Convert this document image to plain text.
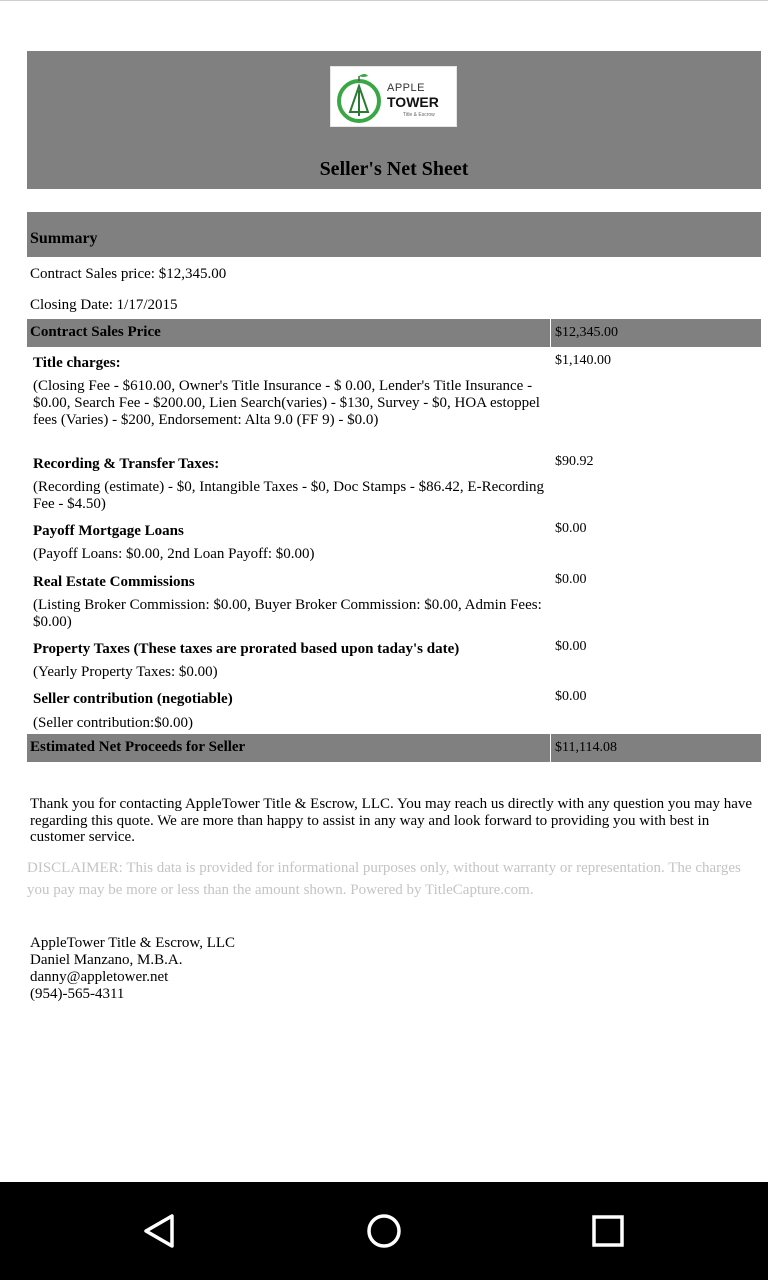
APPLE
TOWER
Title & Escrow
Seller's Net Sheet
Summary
Contract Sales price: $12,345.00
Closing Date: 1/17/2015
Contract Sales Price	$12,345.00
Title charges:
(Closing Fee - $610.00, Owner's Title Insurance - $ 0.00, Lender's Title Insurance - $0.00, Search Fee - $200.00, Lien Search(varies) - $130, Survey - $0, HOA estoppel fees (Varies) - $200, Endorsement: Alta 9.0 (FF 9) - $0.0)
$1,140.00
Recording & Transfer Taxes:
(Recording (estimate) - $0, Intangible Taxes - $0, Doc Stamps - $86.42, E-Recording Fee - $4.50)
$90.92
Payoff Mortgage Loans
(Payoff Loans: $0.00, 2nd Loan Payoff: $0.00)
$0.00
Real Estate Commissions
(Listing Broker Commission: $0.00, Buyer Broker Commission: $0.00, Admin Fees: $0.00)
$0.00
Property Taxes (These taxes are prorated based upon taday's date)
(Yearly Property Taxes: $0.00)
$0.00
Seller contribution (negotiable)
(Seller contribution:$0.00)
$0.00
Estimated Net Proceeds for Seller	$11,114.08
Thank you for contacting AppleTower Title & Escrow, LLC. You may reach us directly with any question you may have regarding this quote. We are more than happy to assist in any way and look forward to providing you with best in customer service.
DISCLAIMER: This data is provided for informational purposes only, without warranty or representation. The charges you pay may be more or less than the amount shown. Powered by TitleCapture.com.
AppleTower Title & Escrow, LLC
Daniel Manzano, M.B.A.
danny@appletower.net
(954)-565-4311
